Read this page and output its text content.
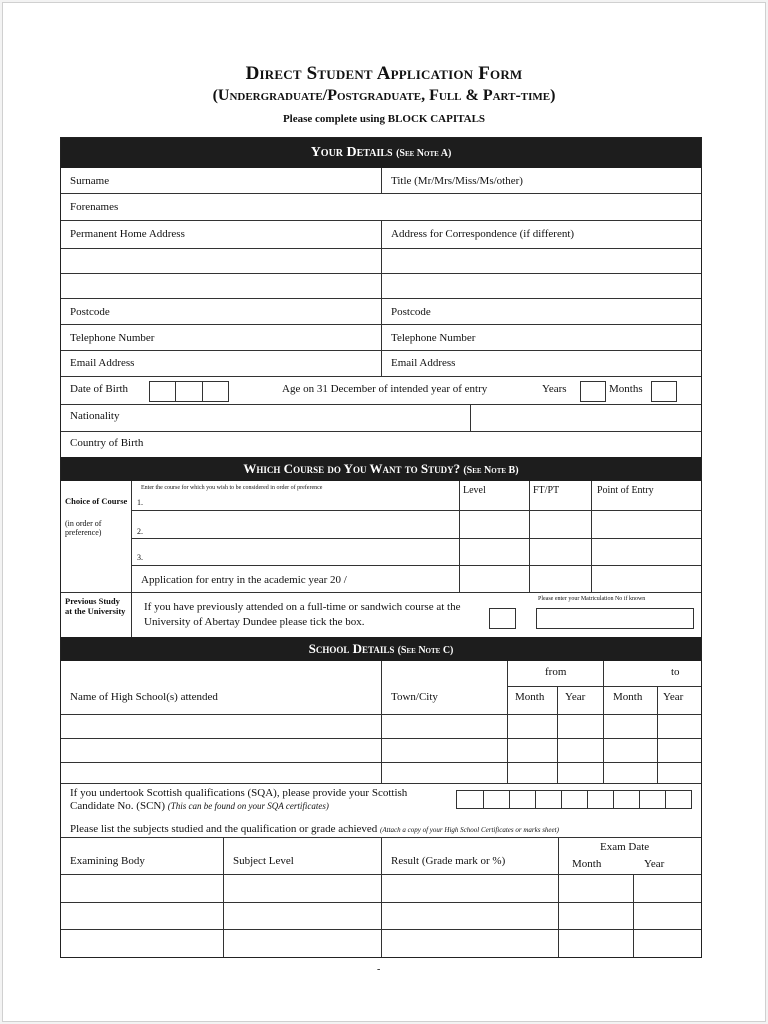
Direct Student Application Form
(Undergraduate/Postgraduate, Full & Part-time)
Please complete using BLOCK CAPITALS
Your Details (See Note A)
Surname	Title (Mr/Mrs/Miss/Ms/other)
Forenames
Permanent Home Address	Address for Correspondence (if different)
Postcode	Postcode
Telephone Number	Telephone Number
Email Address	Email Address
Date of Birth	Age on 31 December of intended year of entry	Years	Months
Nationality
Country of Birth
Which Course do You Want to Study? (See Note B)
Choice of Course
(in order of preference)
Enter the course for which you wish to be considered in order of preference	Level	FT/PT	Point of Entry
1.
2.
3.
Application for entry in the academic year 20 /
Previous Study at the University	If you have previously attended on a full-time or sandwich course at the University of Abertay Dundee please tick the box.
Please enter your Matriculation No if known
School Details (See Note C)
from	to
Name of High School(s) attended	Town/City	Month Year	Month Year
If you undertook Scottish qualifications (SQA), please provide your Scottish Candidate No. (SCN) (This can be found on your SQA certificates)
Please list the subjects studied and the qualification or grade achieved (Attach a copy of your High School Certificates or marks sheet)
Examining Body	Subject Level	Result (Grade mark or %)
Exam Date
Month	Year
-
